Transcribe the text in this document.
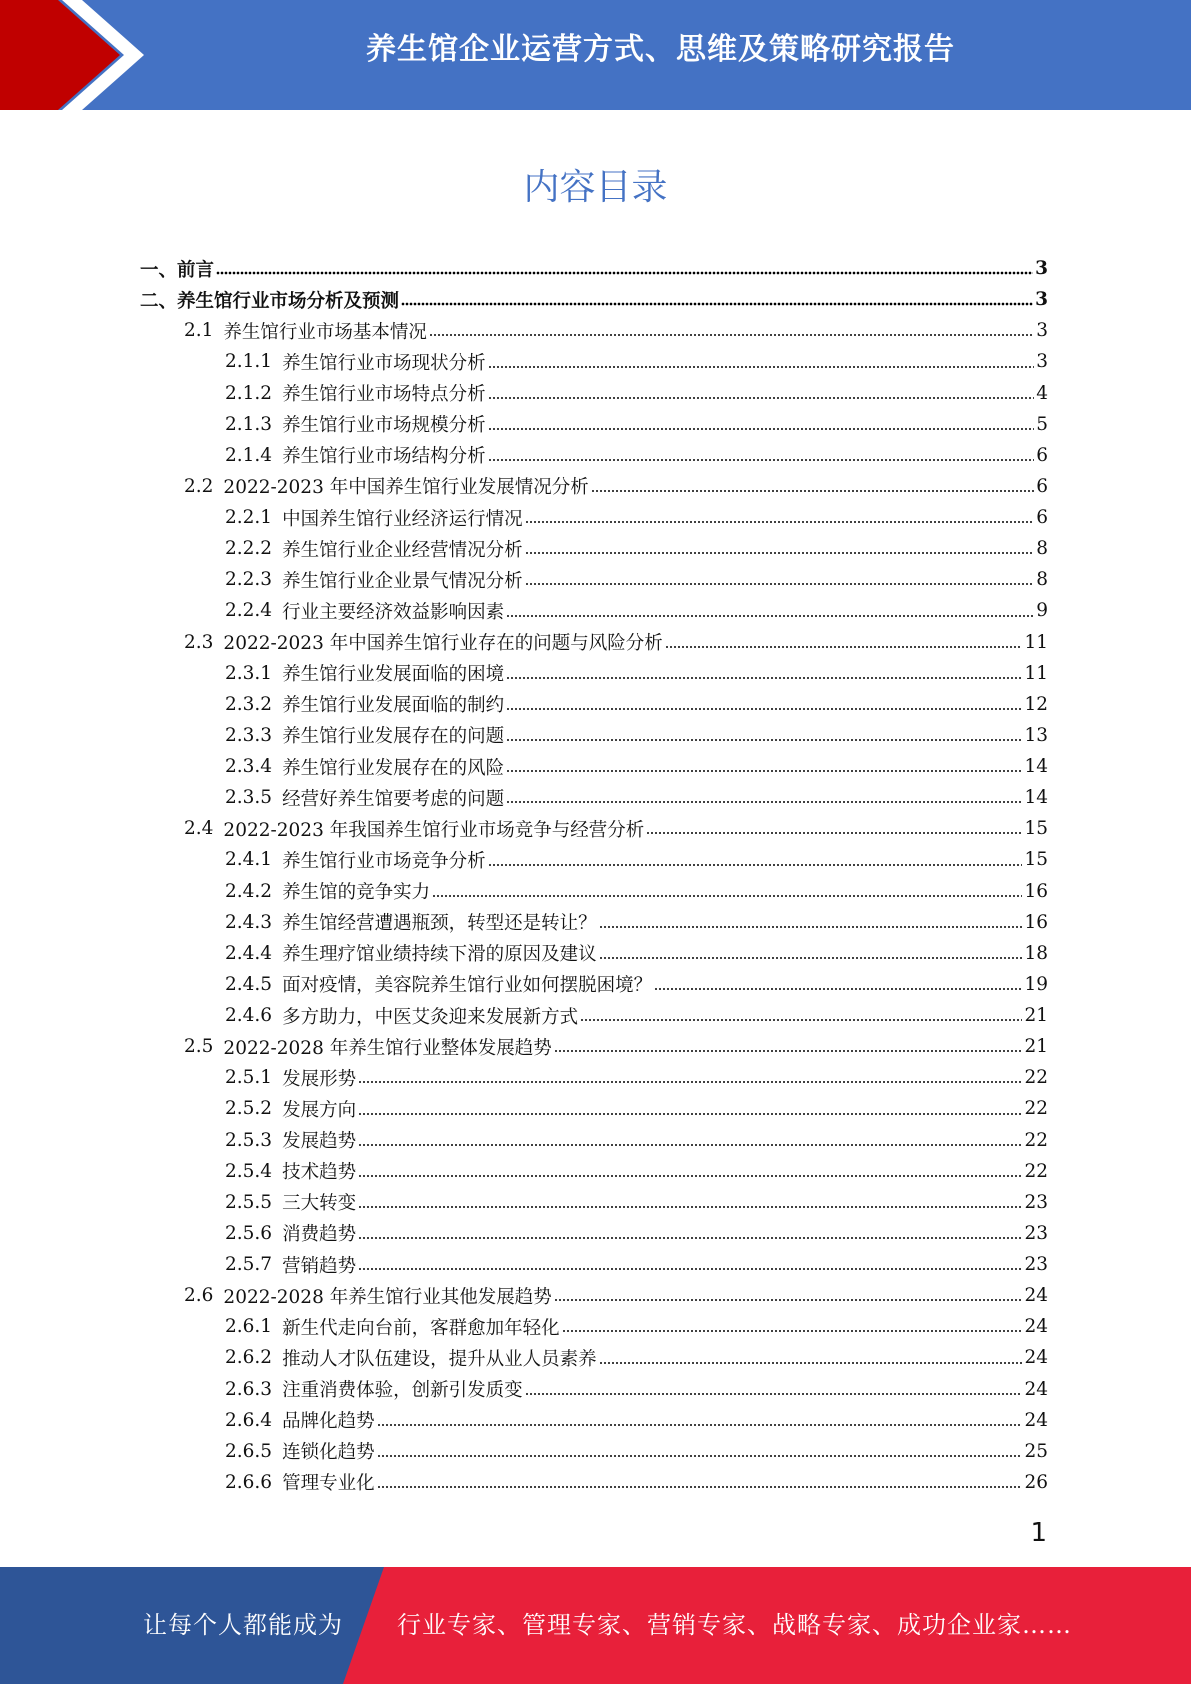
养生馆企业运营方式、思维及策略研究报告
内容目录
一、 前言	3
二、 养生馆行业市场分析及预测	3
2.1 养生馆行业市场基本情况	3
2.1.1 养生馆行业市场现状分析	3
2.1.2 养生馆行业市场特点分析	4
2.1.3 养生馆行业市场规模分析	5
2.1.4 养生馆行业市场结构分析	6
2.2 2022-2023 年中国养生馆行业发展情况分析	6
2.2.1 中国养生馆行业经济运行情况	6
2.2.2 养生馆行业企业经营情况分析	8
2.2.3 养生馆行业企业景气情况分析	8
2.2.4 行业主要经济效益影响因素	9
2.3 2022-2023 年中国养生馆行业存在的问题与风险分析	11
2.3.1 养生馆行业发展面临的困境	11
2.3.2 养生馆行业发展面临的制约	12
2.3.3 养生馆行业发展存在的问题	13
2.3.4 养生馆行业发展存在的风险	14
2.3.5 经营好养生馆要考虑的问题	14
2.4 2022-2023 年我国养生馆行业市场竞争与经营分析	15
2.4.1 养生馆行业市场竞争分析	15
2.4.2 养生馆的竞争实力	16
2.4.3 养生馆经营遭遇瓶颈，转型还是转让？	16
2.4.4 养生理疗馆业绩持续下滑的原因及建议	18
2.4.5 面对疫情，美容院养生馆行业如何摆脱困境？	19
2.4.6 多方助力，中医艾灸迎来发展新方式	21
2.5 2022-2028 年养生馆行业整体发展趋势	21
2.5.1 发展形势	22
2.5.2 发展方向	22
2.5.3 发展趋势	22
2.5.4 技术趋势	22
2.5.5 三大转变	23
2.5.6 消费趋势	23
2.5.7 营销趋势	23
2.6 2022-2028 年养生馆行业其他发展趋势	24
2.6.1 新生代走向台前，客群愈加年轻化	24
2.6.2 推动人才队伍建设，提升从业人员素养	24
2.6.3 注重消费体验，创新引发质变	24
2.6.4 品牌化趋势	24
2.6.5 连锁化趋势	25
2.6.6 管理专业化	26
1
让每个人都能成为 行业专家、管理专家、营销专家、战略专家、成功企业家……
